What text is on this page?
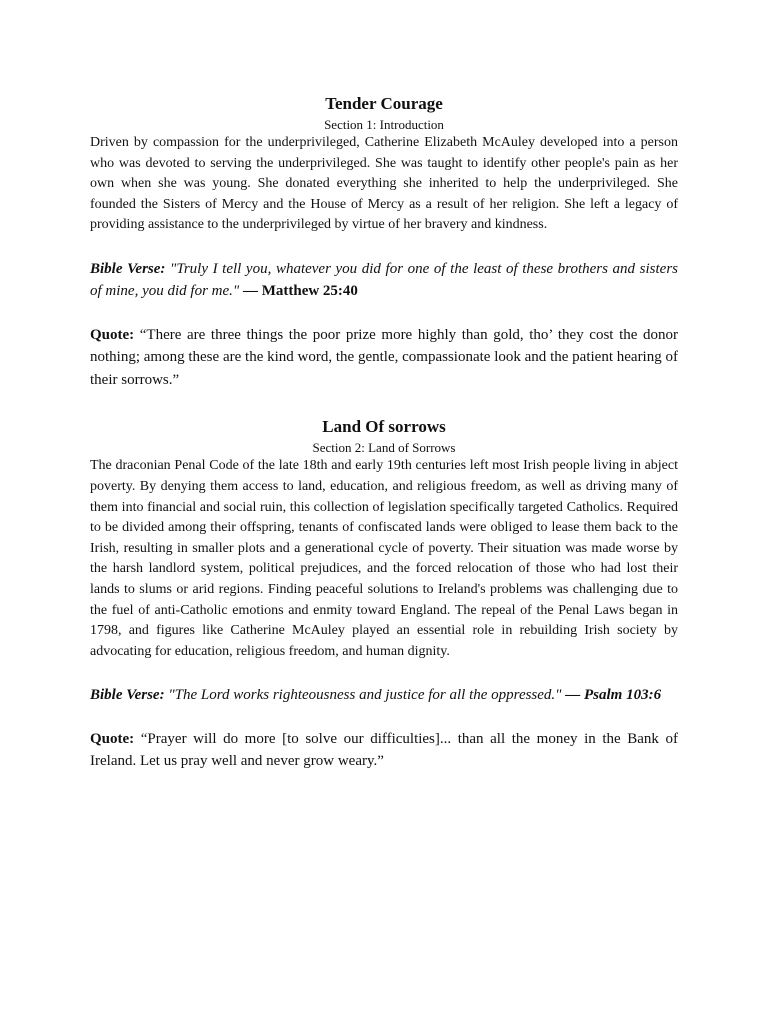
Tender Courage

Section 1: Introduction

Driven by compassion for the underprivileged, Catherine Elizabeth McAuley developed into a person who was devoted to serving the underprivileged. She was taught to identify other people's pain as her own when she was young. She donated everything she inherited to help the underprivileged. She founded the Sisters of Mercy and the House of Mercy as a result of her religion. She left a legacy of providing assistance to the underprivileged by virtue of her bravery and kindness.

Bible Verse: "Truly I tell you, whatever you did for one of the least of these brothers and sisters of mine, you did for me." — Matthew 25:40

Quote: “There are three things the poor prize more highly than gold, tho’ they cost the donor nothing; among these are the kind word, the gentle, compassionate look and the patient hearing of their sorrows.”

Land Of sorrows

Section 2: Land of Sorrows

The draconian Penal Code of the late 18th and early 19th centuries left most Irish people living in abject poverty. By denying them access to land, education, and religious freedom, as well as driving many of them into financial and social ruin, this collection of legislation specifically targeted Catholics. Required to be divided among their offspring, tenants of confiscated lands were obliged to lease them back to the Irish, resulting in smaller plots and a generational cycle of poverty. Their situation was made worse by the harsh landlord system, political prejudices, and the forced relocation of those who had lost their lands to slums or arid regions. Finding peaceful solutions to Ireland's problems was challenging due to the fuel of anti-Catholic emotions and enmity toward England. The repeal of the Penal Laws began in 1798, and figures like Catherine McAuley played an essential role in rebuilding Irish society by advocating for education, religious freedom, and human dignity.

Bible Verse: "The Lord works righteousness and justice for all the oppressed." — Psalm 103:6

Quote: “Prayer will do more [to solve our difficulties]... than all the money in the Bank of Ireland. Let us pray well and never grow weary.”
